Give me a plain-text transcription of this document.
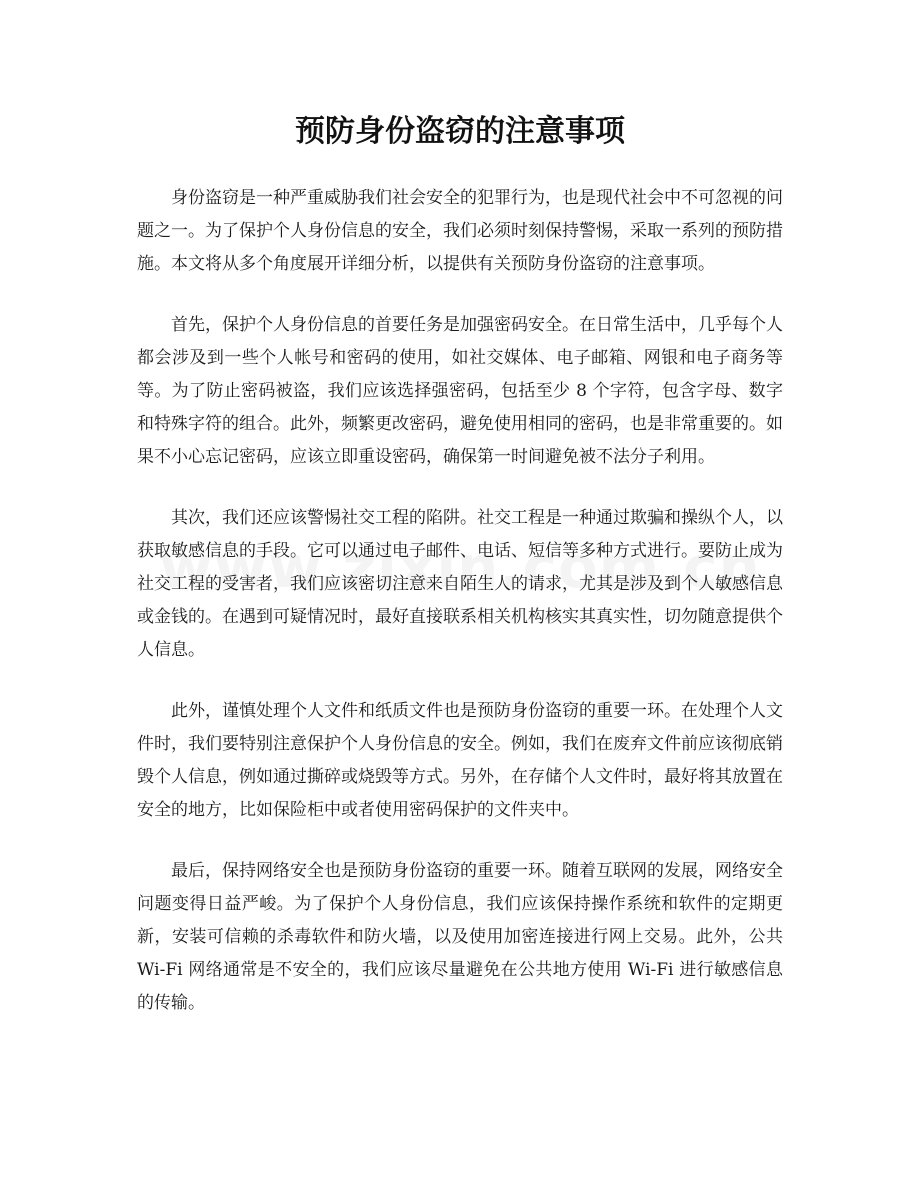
预防身份盗窃的注意事项

身份盗窃是一种严重威胁我们社会安全的犯罪行为，也是现代社会中不可忽视的问题之一。为了保护个人身份信息的安全，我们必须时刻保持警惕，采取一系列的预防措施。本文将从多个角度展开详细分析，以提供有关预防身份盗窃的注意事项。

首先，保护个人身份信息的首要任务是加强密码安全。在日常生活中，几乎每个人都会涉及到一些个人帐号和密码的使用，如社交媒体、电子邮箱、网银和电子商务等等。为了防止密码被盗，我们应该选择强密码，包括至少 8 个字符，包含字母、数字和特殊字符的组合。此外，频繁更改密码，避免使用相同的密码，也是非常重要的。如果不小心忘记密码，应该立即重设密码，确保第一时间避免被不法分子利用。

其次，我们还应该警惕社交工程的陷阱。社交工程是一种通过欺骗和操纵个人，以获取敏感信息的手段。它可以通过电子邮件、电话、短信等多种方式进行。要防止成为社交工程的受害者，我们应该密切注意来自陌生人的请求，尤其是涉及到个人敏感信息或金钱的。在遇到可疑情况时，最好直接联系相关机构核实其真实性，切勿随意提供个人信息。

此外，谨慎处理个人文件和纸质文件也是预防身份盗窃的重要一环。在处理个人文件时，我们要特别注意保护个人身份信息的安全。例如，我们在废弃文件前应该彻底销毁个人信息，例如通过撕碎或烧毁等方式。另外，在存储个人文件时，最好将其放置在安全的地方，比如保险柜中或者使用密码保护的文件夹中。

最后，保持网络安全也是预防身份盗窃的重要一环。随着互联网的发展，网络安全问题变得日益严峻。为了保护个人身份信息，我们应该保持操作系统和软件的定期更新，安装可信赖的杀毒软件和防火墙，以及使用加密连接进行网上交易。此外，公共 Wi-Fi 网络通常是不安全的，我们应该尽量避免在公共地方使用 Wi-Fi 进行敏感信息的传输。
